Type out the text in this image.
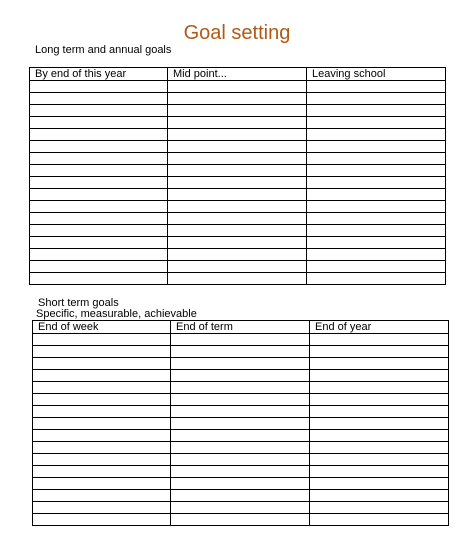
Goal setting
Long term and annual goals
By end of this year	Mid point...	Leaving school

Short term goals
Specific, measurable, achievable
End of week	End of term	End of year
